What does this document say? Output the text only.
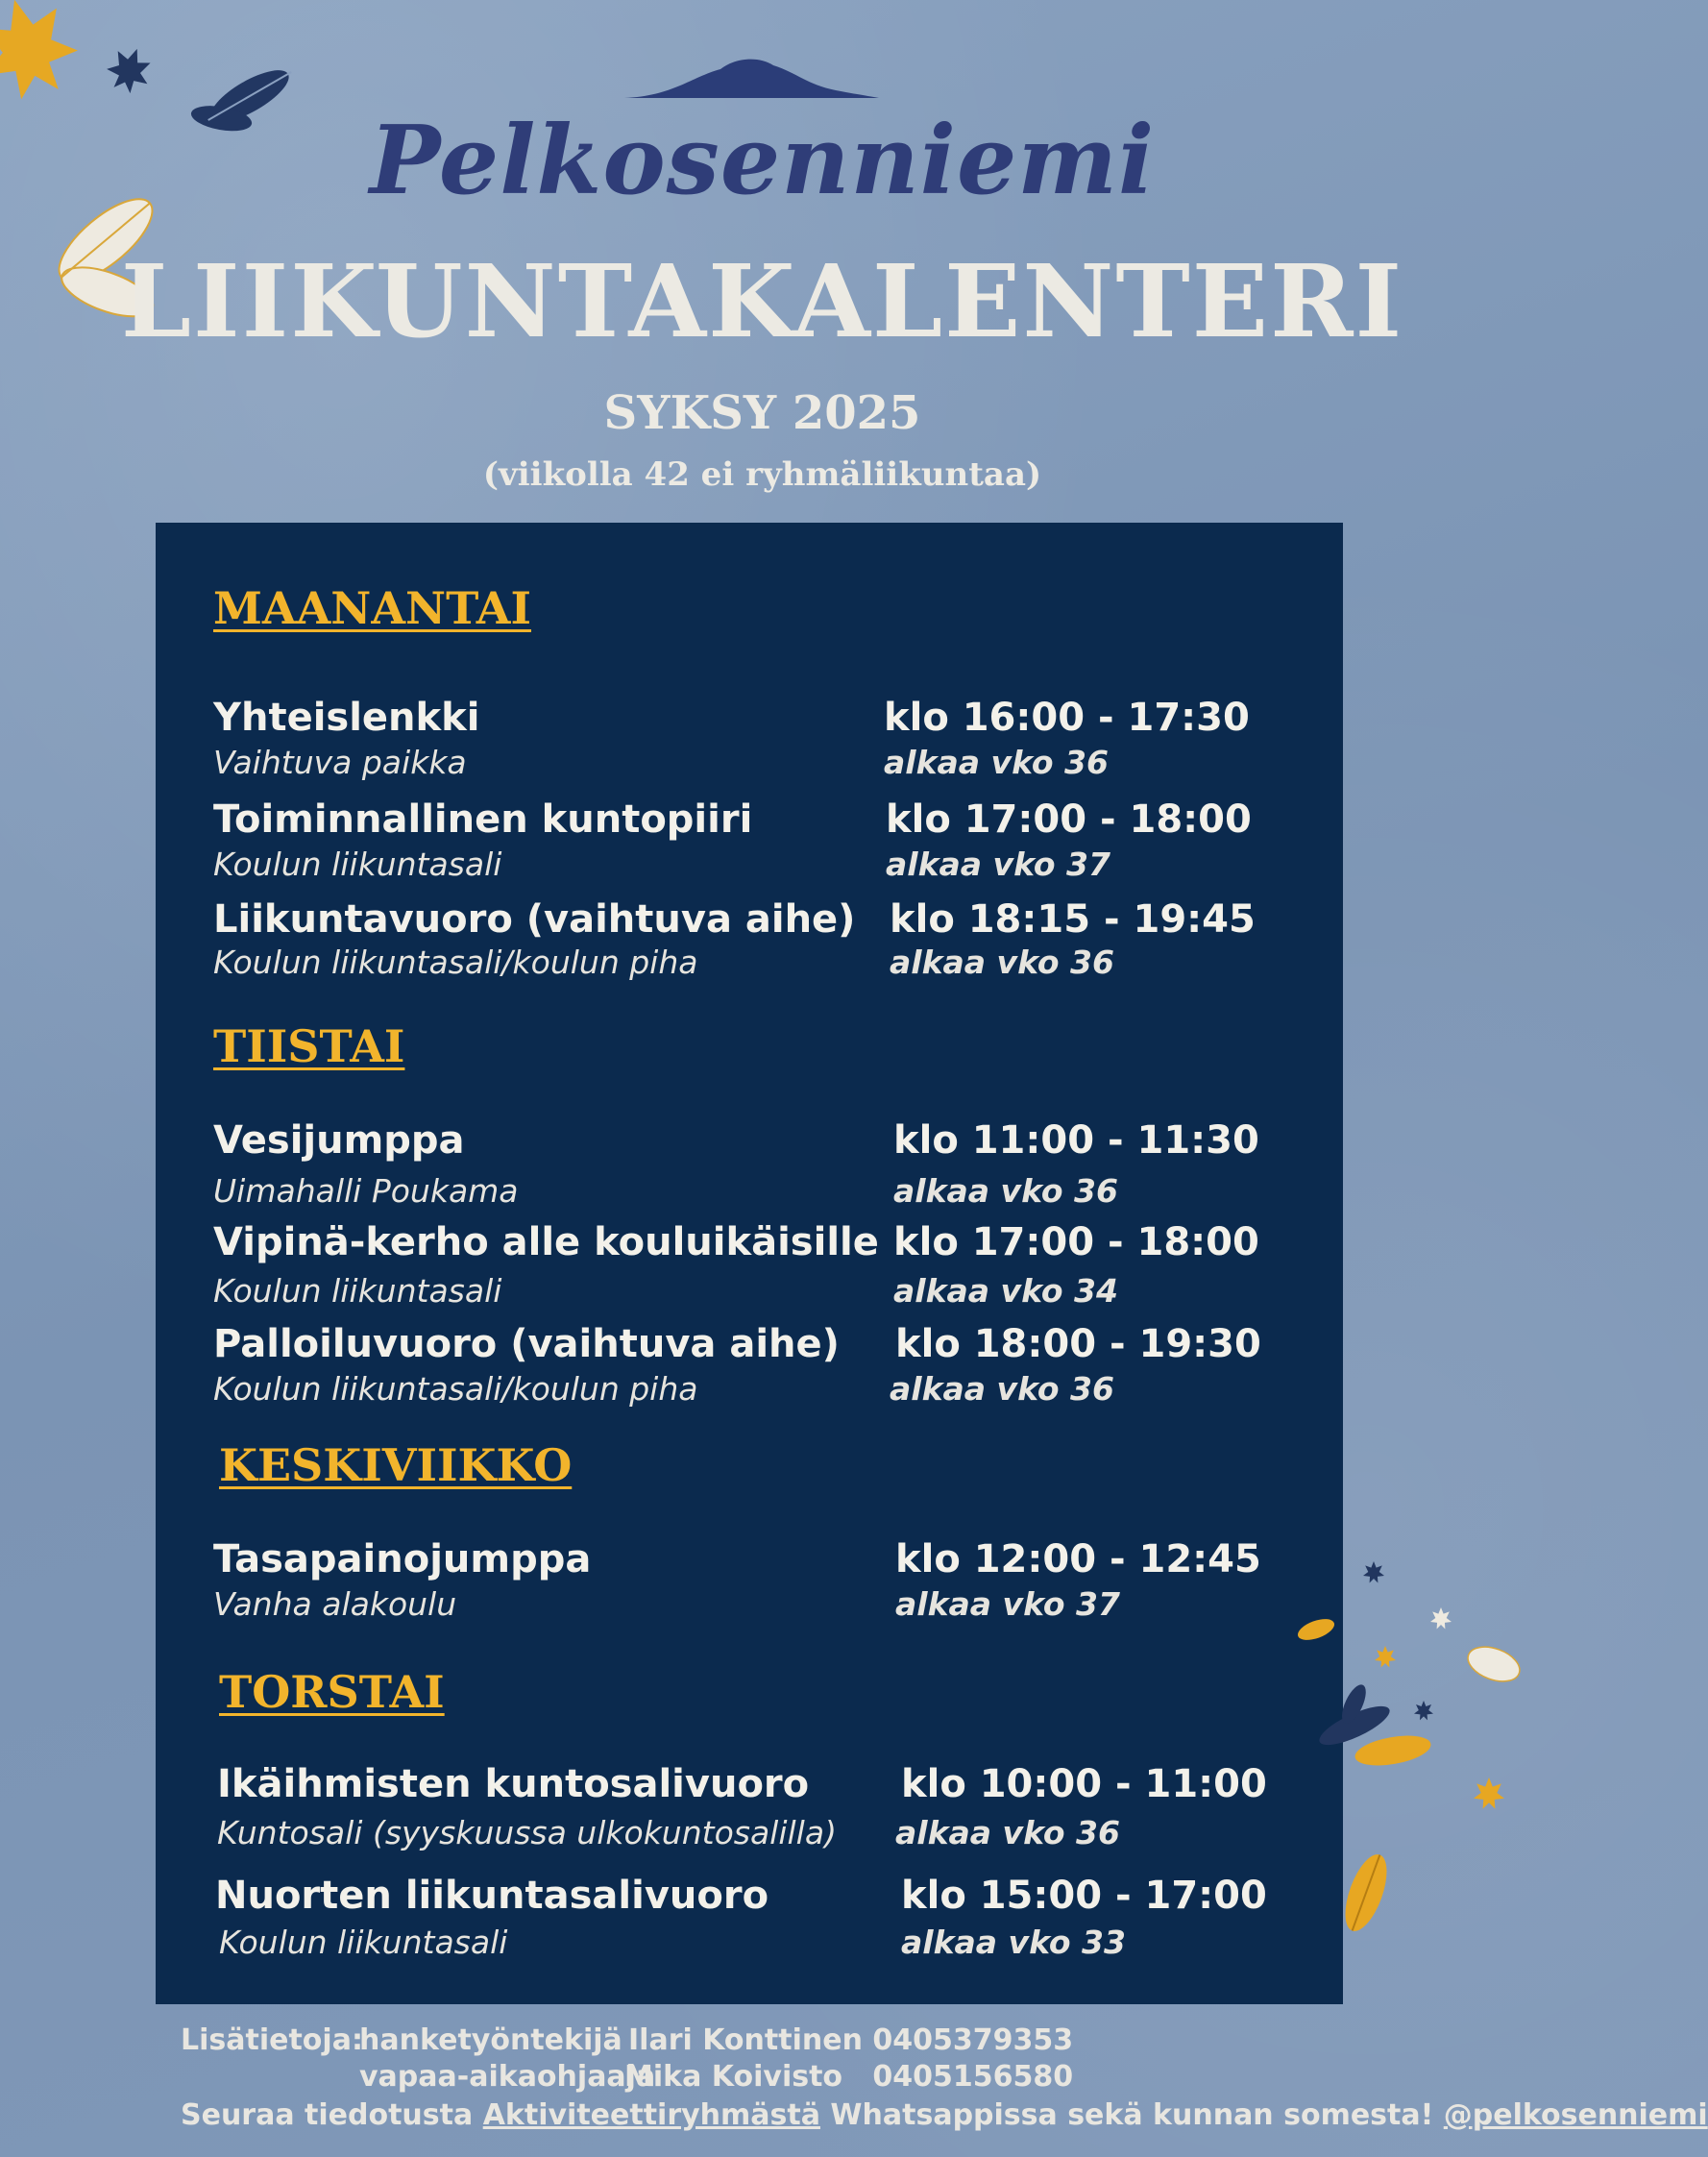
Pelkosenniemi
LIIKUNTAKALENTERI
SYKSY 2025
(viikolla 42 ei ryhmäliikuntaa)
MAANANTAI
Yhteislenkki
Vaihtuva paikka
klo 16:00 - 17:30
alkaa vko 36
Toiminnallinen kuntopiiri
Koulun liikuntasali
klo 17:00 - 18:00
alkaa vko 37
Liikuntavuoro (vaihtuva aihe)
Koulun liikuntasali/koulun piha
klo 18:15 - 19:45
alkaa vko 36
TIISTAI
Vesijumppa
Uimahalli Poukama
klo 11:00 - 11:30
alkaa vko 36
Vipinä-kerho alle kouluikäisille
Koulun liikuntasali
klo 17:00 - 18:00
alkaa vko 34
Palloiluvuoro (vaihtuva aihe)
Koulun liikuntasali/koulun piha
klo 18:00 - 19:30
alkaa vko 36
KESKIVIIKKO
Tasapainojumppa
Vanha alakoulu
klo 12:00 - 12:45
alkaa vko 37
TORSTAI
Ikäihmisten kuntosalivuoro
Kuntosali (syyskuussa ulkokuntosalilla)
klo 10:00 - 11:00
alkaa vko 36
Nuorten liikuntasalivuoro
Koulun liikuntasali
klo 15:00 - 17:00
alkaa vko 33
Lisätietoja:
hanketyöntekijä Ilari Konttinen 0405379353
vapaa-aikaohjaaja
Mika Koivisto   0405156580
Seuraa tiedotusta Aktiviteettiryhmästä Whatsappissa sekä kunnan somesta! @pelkosenniemi
